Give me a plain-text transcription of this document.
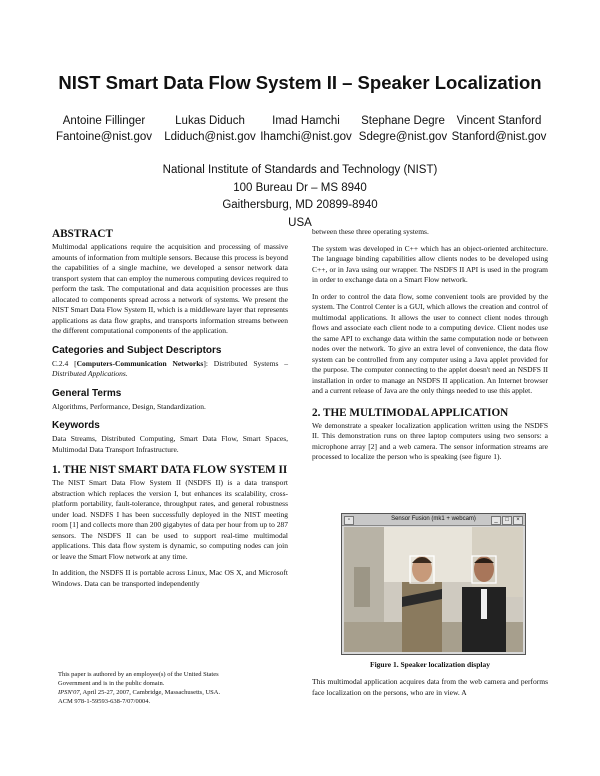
NIST Smart Data Flow System II – Speaker Localization
Antoine Fillinger
Fantoine@nist.gov
Lukas Diduch
Ldiduch@nist.gov
Imad Hamchi
Ihamchi@nist.gov
Stephane Degre
Sdegre@nist.gov
Vincent Stanford
Stanford@nist.gov
National Institute of Standards and Technology (NIST)
100 Bureau Dr – MS 8940
Gaithersburg, MD 20899-8940
USA
ABSTRACT

Multimodal applications require the acquisition and processing of massive amounts of information from multiple sensors. Because this process is beyond the capabilities of a single machine, we developed a sensor network data transport system that can employ the numerous computing devices required to perform the task. The computational and data acquisition processes are thus allocated to components spread across a network of systems. We present the NIST Smart Data Flow System II, which is a middleware layer that represents applications as data flow graphs, and transports information streams between the different computational components of the application.

Categories and Subject Descriptors

C.2.4 [Computers-Communication Networks]: Distributed Systems – Distributed Applications.

General Terms

Algorithms, Performance, Design, Standardization.

Keywords

Data Streams, Distributed Computing, Smart Data Flow, Smart Spaces, Multimodal Data Transport Infrastructure.

1. THE NIST SMART DATA FLOW SYSTEM II

The NIST Smart Data Flow System II (NSDFS II) is a data transport abstraction which replaces the version I, but enhances its scalability, cross-platform portability, fault-tolerance, throughput rates, and general robustness under load. NSDFS I has been successfully deployed in the NIST meeting room [1] and collects more than 200 gigabytes of data per hour from up to 287 sensors. The NSDFS II can be used to support real-time multimodal applications. This data flow system is dynamic, so computing nodes can join or leave the Smart Flow network at any time.

In addition, the NSDFS II is portable across Linux, Mac OS X, and Microsoft Windows. Data can be transported independently

This paper is authored by an employee(s) of the United States

Government and is in the public domain.

IPSN'07, April 25-27, 2007, Cambridge, Massachusetts, USA.

ACM 978-1-59593-638-7/07/0004.

between these three operating systems.

The system was developed in C++ which has an object-oriented architecture. The language binding capabilities allow clients nodes to be developed using C++, or in Java using our wrapper. The NSDFS II API is used in the program in order to exchange data on a Smart Flow network.

In order to control the data flow, some convenient tools are provided by the system. The Control Center is a GUI, which allows the creation and control of multimodal applications. It allows the user to connect client nodes through flows and associate each client node to a computing device. Client nodes use the same API to exchange data within the same computation node or between nodes over the network. To give an extra level of convenience, the data flow system can be controlled from any computer using a Java applet provided for the purpose. The computer connecting to the applet doesn't need an NSDFS II installation in order to manage an NSDFS II application. An Internet browser and a current release of Java are the only things needed to use this applet.

2. THE MULTIMODAL APPLICATION

We demonstrate a speaker localization application written using the NSDFS II. This demonstration runs on three laptop computers using two sensors: a microphone array [2] and a web camera. The sensor information streams are processed to localize the person who is speaking (see figure 1).

Sensor Fusion (mk1 + webcam)
▫	_	□	×
Figure 1. Speaker localization display

This multimodal application acquires data from the web camera and performs face localization on the persons, who are in view. A
